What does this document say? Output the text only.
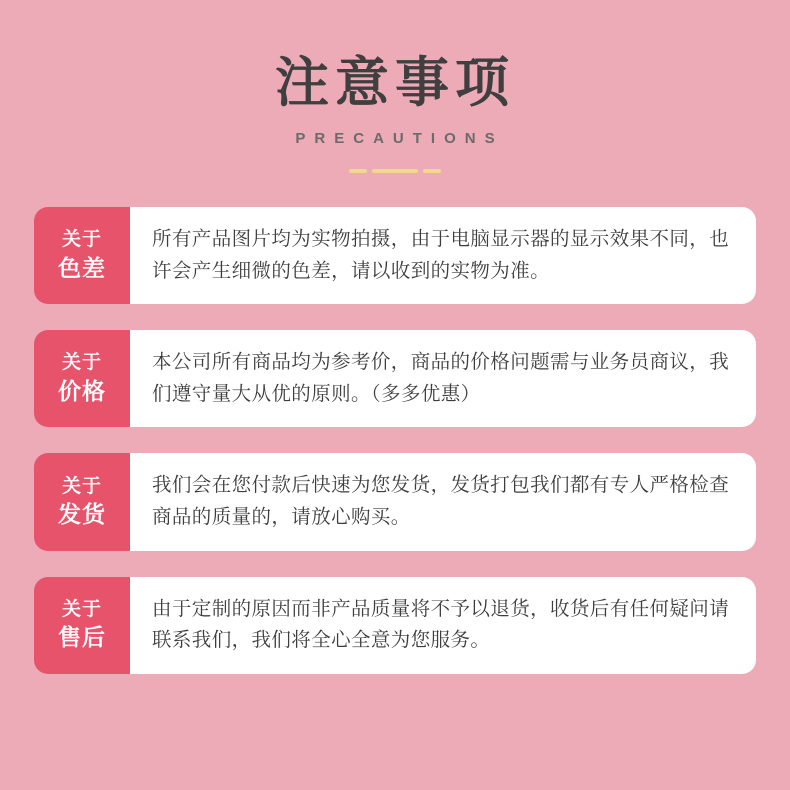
注意事项
PRECAUTIONS
关于
色差

所有产品图片均为实物拍摄，由于电脑显示器的显示效果不同，也许会产生细微的色差，请以收到的实物为准。

关于
价格

本公司所有商品均为参考价，商品的价格问题需与业务员商议，我们遵守量大从优的原则。（多多优惠）

关于
发货

我们会在您付款后快速为您发货，发货打包我们都有专人严格检查商品的质量的，请放心购买。

关于
售后

由于定制的原因而非产品质量将不予以退货，收货后有任何疑问请联系我们，我们将全心全意为您服务。
